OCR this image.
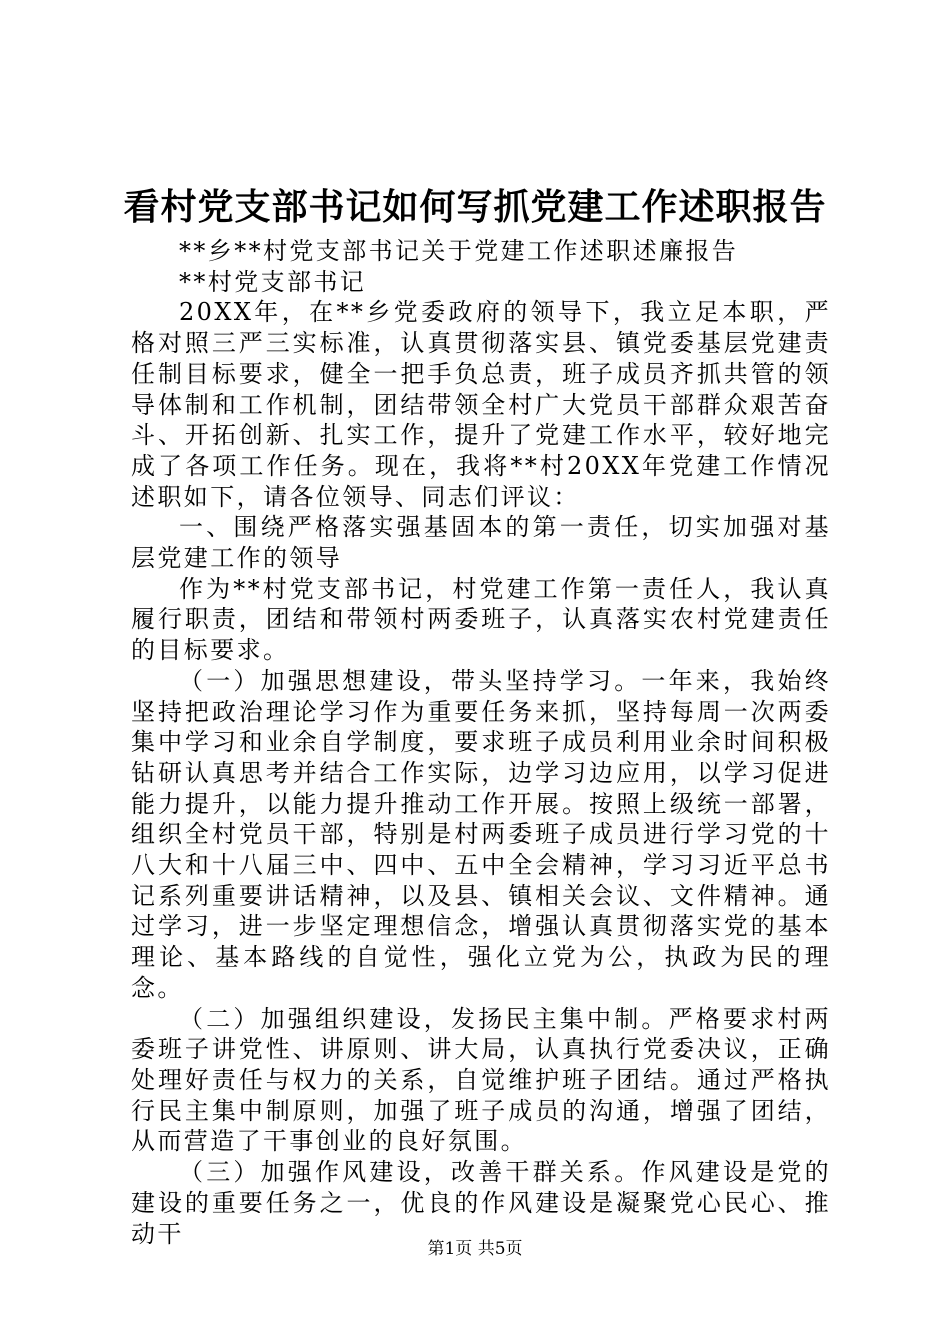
看村党支部书记如何写抓党建工作述职报告

**乡**村党支部书记关于党建工作述职述廉报告

**村党支部书记

20XX年，在**乡党委政府的领导下，我立足本职，严格对照三严三实标准，认真贯彻落实县、镇党委基层党建责任制目标要求，健全一把手负总责，班子成员齐抓共管的领导体制和工作机制，团结带领全村广大党员干部群众艰苦奋斗、开拓创新、扎实工作，提升了党建工作水平，较好地完成了各项工作任务。现在，我将**村20XX年党建工作情况述职如下，请各位领导、同志们评议：

一、围绕严格落实强基固本的第一责任，切实加强对基层党建工作的领导

作为**村党支部书记，村党建工作第一责任人，我认真履行职责，团结和带领村两委班子，认真落实农村党建责任的目标要求。

（一）加强思想建设，带头坚持学习。一年来，我始终坚持把政治理论学习作为重要任务来抓，坚持每周一次两委集中学习和业余自学制度，要求班子成员利用业余时间积极钻研认真思考并结合工作实际，边学习边应用，以学习促进能力提升，以能力提升推动工作开展。按照上级统一部署，组织全村党员干部，特别是村两委班子成员进行学习党的十八大和十八届三中、四中、五中全会精神，学习习近平总书记系列重要讲话精神，以及县、镇相关会议、文件精神。通过学习，进一步坚定理想信念，增强认真贯彻落实党的基本理论、基本路线的自觉性，强化立党为公，执政为民的理念。

（二）加强组织建设，发扬民主集中制。严格要求村两委班子讲党性、讲原则、讲大局，认真执行党委决议，正确处理好责任与权力的关系，自觉维护班子团结。通过严格执行民主集中制原则，加强了班子成员的沟通，增强了团结，从而营造了干事创业的良好氛围。

（三）加强作风建设，改善干群关系。作风建设是党的建设的重要任务之一，优良的作风建设是凝聚党心民心、推动干

第1页 共5页
